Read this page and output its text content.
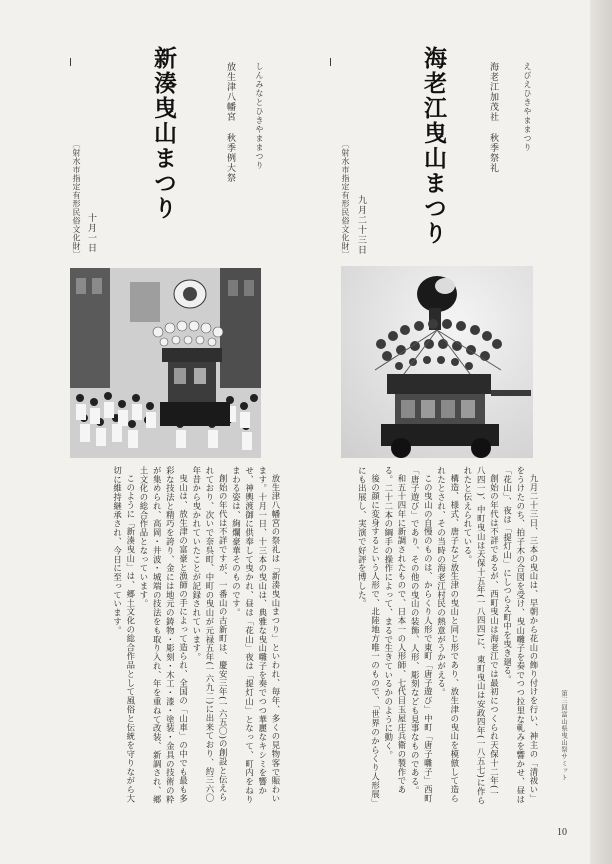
えびえひきやままつり
海老江加茂社 秋季祭礼
海老江曳山まつり
九月二十三日
〔射水市指定有形民俗文化財〕

九月二十三日、三本の曳山は、早朝から花山の飾り付けを行い、神主の「清祓い」をうけたのち、拍子木の合図を受け、曳山囃子を奏でつつ拉里な軋みを響かせ、昼は「花山」、夜は「提灯山」にしつらえ町中を曳き廻る。

創始の年代は不詳であるが、西町曳山は海老江では最初につくられ天保十二年(一八四一)、中町曳山は天保十五年(一八四四)に、東町曳山は安政四年(一八五七)に作られたと伝えられている。

構造、様式、唐子など放生津の曳山と同じ形であり、放生津の曳山を模倣して造られたとされ、その当時の海老江村民の熱意がうかがえる。

この曳山の自慢のものは、からくり人形で東町「唐子遊び」中町「唐子囃子」西町「唐子遊び」であり、その他の曳山の装飾、人形、彫刻なども見事なものである。

和五十四年に新調されたもので、日本一の人形師、七代目玉屋庄兵衛の製作である。二十二本の綱手の操作によって、まるで生きているかのように動く。

後の顔に変身するという人形で、北陸地方唯一のもので、「世界のからくり人形展」にも出展し、実演で好評を博した。

しんみなとひきやままつり
放生津八幡宮 秋季例大祭
新湊曳山まつり
十月一日
〔射水市指定有形民俗文化財〕

放生津八幡宮の祭礼は「新湊曳山まつり」といわれ、毎年、多くの見物客で賑わいます。十月一日、十三本の曳山は、典雅な曳山囃子を奏でつつ華麗なキシミを響かせ、神輿渡御に供奉して曳かれ、昼は「花山」夜は「提灯山」となって、町内をねりまわる姿は、絢爛豪華そのものです。

創始の年代は不詳ですが、一番山の古新町は、慶安三年(一六五〇)の創設と伝えられており、次いで奈呉町、中町の曳山が元禄五年(一六九二)に出来ており、約三六〇年昔から曳かれていたことが記録されています。

曳山は、放生津の富豪と漁師の手によって造られ、全国の「山車」の中でも最も多彩な技法と精巧を誇り、金には地元の鋳物・彫刻・木工・漆・塗装・金具の技術の粋が集められ、高岡・井波・城端の技法をも取り入れ、年を重ねて改装、新調され、郷土文化の総合作品となっています。

このように「新湊曳山」は、郷土文化の総合作品として風俗と伝統を守りながら大切に維持継承され、今日に至っています。

第三回富山県曳山祭サミット
10
